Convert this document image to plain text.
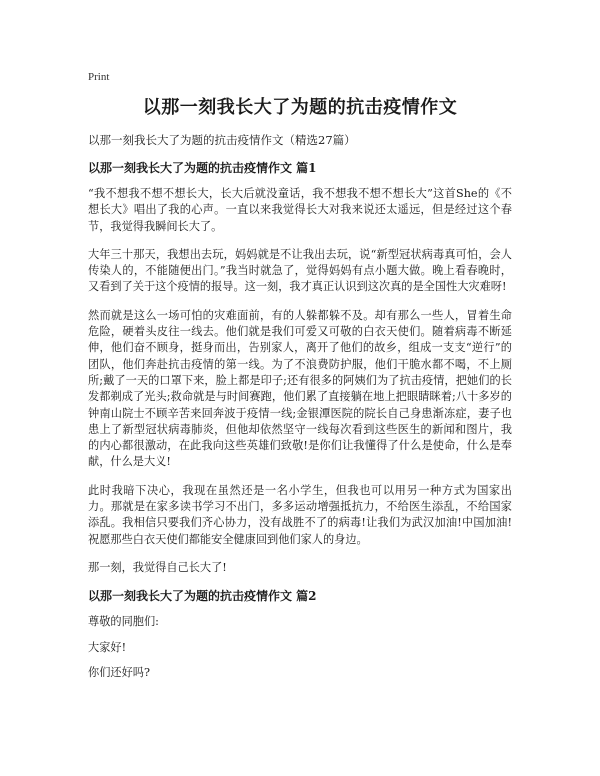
Print
以那一刻我长大了为题的抗击疫情作文
以那一刻我长大了为题的抗击疫情作文（精选27篇）
以那一刻我长大了为题的抗击疫情作文 篇1

“我不想我不想不想长大，长大后就没童话，我不想我不想不想长大”这首She的《不想长大》唱出了我的心声。一直以来我觉得长大对我来说还太遥远，但是经过这个春节，我觉得我瞬间长大了。

大年三十那天，我想出去玩，妈妈就是不让我出去玩，说“新型冠状病毒真可怕，会人传染人的，不能随便出门。”我当时就急了，觉得妈妈有点小题大做。晚上看春晚时，又看到了关于这个疫情的报导。这一刻，我才真正认识到这次真的是全国性大灾难呀!

然而就是这么一场可怕的灾难面前，有的人躲都躲不及。却有那么一些人，冒着生命危险，硬着头皮往一线去。他们就是我们可爱又可敬的白衣天使们。随着病毒不断延伸，他们奋不顾身，挺身而出，告别家人，离开了他们的故乡，组成一支支“逆行”的团队，他们奔赴抗击疫情的第一线。为了不浪费防护服，他们干脆水都不喝，不上厕所;戴了一天的口罩下来，脸上都是印子;还有很多的阿姨们为了抗击疫情，把她们的长发都剃成了光头;救命就是与时间赛跑，他们累了直接躺在地上把眼睛眯着;八十多岁的钟南山院士不顾辛苦来回奔波于疫情一线;金银潭医院的院长自己身患渐冻症，妻子也患上了新型冠状病毒肺炎，但他却依然坚守一线每次看到这些医生的新闻和图片，我的内心都很激动，在此我向这些英雄们致敬!是你们让我懂得了什么是使命，什么是奉献，什么是大义!

此时我暗下决心，我现在虽然还是一名小学生，但我也可以用另一种方式为国家出力。那就是在家多读书学习不出门，多多运动增强抵抗力，不给医生添乱，不给国家添乱。我相信只要我们齐心协力，没有战胜不了的病毒!让我们为武汉加油!中国加油!祝愿那些白衣天使们都能安全健康回到他们家人的身边。

那一刻，我觉得自己长大了!

以那一刻我长大了为题的抗击疫情作文 篇2

尊敬的同胞们:

大家好!

你们还好吗?
